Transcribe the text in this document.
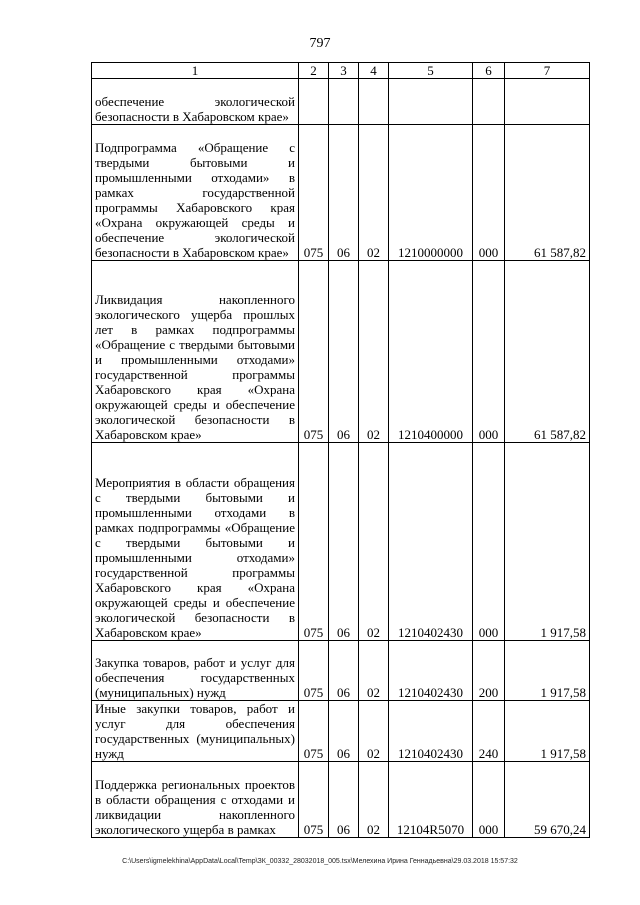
797
1	2	3	4	5	6	7
обеспечение экологической безопасности в Хабаровском крае»						
Подпрограмма «Обращение с твердыми бытовыми и промышленными отходами» в рамках государственной программы Хабаровского края «Охрана окружающей среды и обеспечение экологической безопасности в Хабаровском крае»	075	06	02	1210000000	000	61 587,82
Ликвидация накопленного экологического ущерба прошлых лет в рамках подпрограммы «Обращение с твердыми бытовыми и промышленными отходами» государственной программы Хабаровского края «Охрана окружающей среды и обеспечение экологической безопасности в Хабаровском крае»	075	06	02	1210400000	000	61 587,82
Мероприятия в области обращения с твердыми бытовыми и промышленными отходами в рамках подпрограммы «Обращение с твердыми бытовыми и промышленными отходами» государственной программы Хабаровского края «Охрана окружающей среды и обеспечение экологической безопасности в Хабаровском крае»	075	06	02	1210402430	000	1 917,58
Закупка товаров, работ и услуг для обеспечения государственных (муниципальных) нужд	075	06	02	1210402430	200	1 917,58
Иные закупки товаров, работ и услуг для обеспечения государственных (муниципальных) нужд	075	06	02	1210402430	240	1 917,58
Поддержка региональных проектов в области обращения с отходами и ликвидации накопленного экологического ущерба в рамках	075	06	02	12104R5070	000	59 670,24
C:\Users\igmelekhina\AppData\Local\Temp\ЗК_00332_28032018_005.tsx\Мелехина Ирина Геннадьевна\29.03.2018 15:57:32
